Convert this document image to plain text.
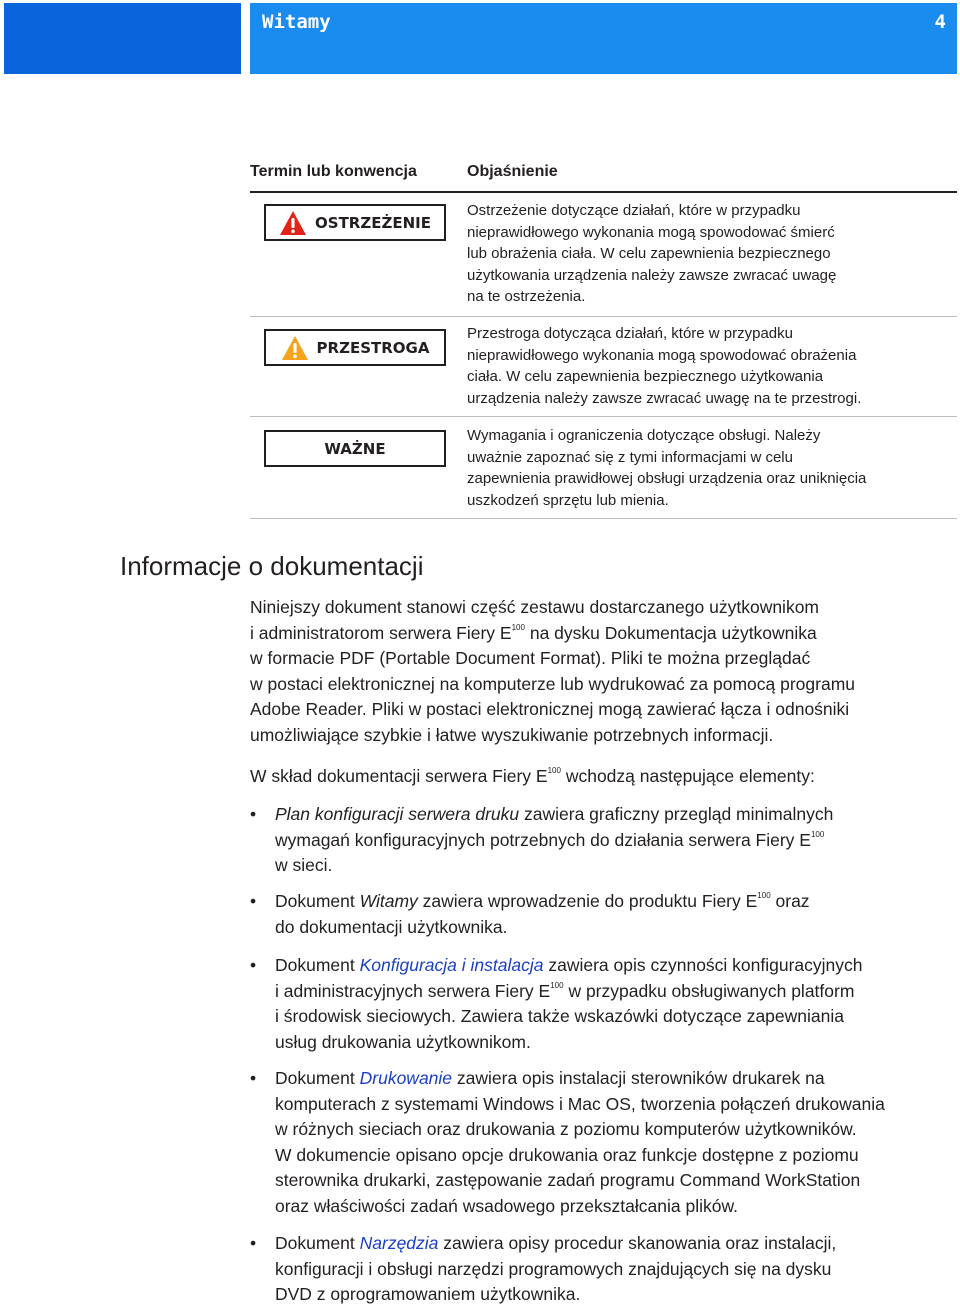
Witamy	4
Termin lub konwencja	Objaśnienie
OSTRZEŻENIE
Ostrzeżenie dotyczące działań, które w przypadku
nieprawidłowego wykonania mogą spowodować śmierć
lub obrażenia ciała. W celu zapewnienia bezpiecznego
użytkowania urządzenia należy zawsze zwracać uwagę
na te ostrzeżenia.
PRZESTROGA
Przestroga dotycząca działań, które w przypadku
nieprawidłowego wykonania mogą spowodować obrażenia
ciała. W celu zapewnienia bezpiecznego użytkowania
urządzenia należy zawsze zwracać uwagę na te przestrogi.
WAŻNE
Wymagania i ograniczenia dotyczące obsługi. Należy
uważnie zapoznać się z tymi informacjami w celu
zapewnienia prawidłowej obsługi urządzenia oraz uniknięcia
uszkodzeń sprzętu lub mienia.
Informacje o dokumentacji
Niniejszy dokument stanowi część zestawu dostarczanego użytkownikom
i administratorom serwera Fiery $E^{100}$ na dysku Dokumentacja użytkownika
w formacie PDF (Portable Document Format). Pliki te można przeglądać
w postaci elektronicznej na komputerze lub wydrukować za pomocą programu
Adobe Reader. Pliki w postaci elektronicznej mogą zawierać łącza i odnośniki
umożliwiające szybkie i łatwe wyszukiwanie potrzebnych informacji.
W skład dokumentacji serwera Fiery $E^{100}$ wchodzą następujące elementy:
• Plan konfiguracji serwera druku zawiera graficzny przegląd minimalnych
wymagań konfiguracyjnych potrzebnych do działania serwera Fiery $E^{100}$
w sieci.
• Dokument Witamy zawiera wprowadzenie do produktu Fiery $E^{100}$ oraz
do dokumentacji użytkownika.
• Dokument Konfiguracja i instalacja zawiera opis czynności konfiguracyjnych
i administracyjnych serwera Fiery $E^{100}$ w przypadku obsługiwanych platform
i środowisk sieciowych. Zawiera także wskazówki dotyczące zapewniania
usług drukowania użytkownikom.
• Dokument Drukowanie zawiera opis instalacji sterowników drukarek na
komputerach z systemami Windows i Mac OS, tworzenia połączeń drukowania
w różnych sieciach oraz drukowania z poziomu komputerów użytkowników.
W dokumencie opisano opcje drukowania oraz funkcje dostępne z poziomu
sterownika drukarki, zastępowanie zadań programu Command WorkStation
oraz właściwości zadań wsadowego przekształcania plików.
• Dokument Narzędzia zawiera opisy procedur skanowania oraz instalacji,
konfiguracji i obsługi narzędzi programowych znajdujących się na dysku
DVD z oprogramowaniem użytkownika.
